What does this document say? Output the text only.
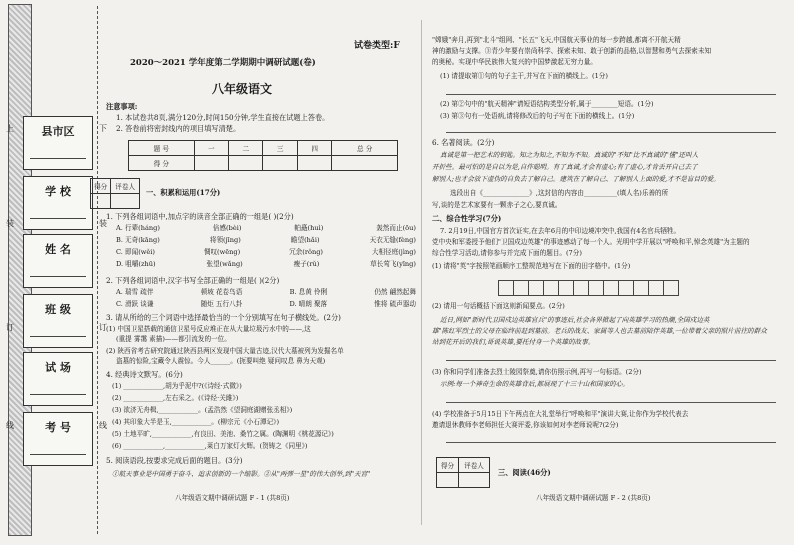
上	下
装	装
订	订
线	线
县市区
学 校
姓 名
班 级
试 场
考 号
试卷类型:F
2020～2021 学年度第二学期期中调研试题(卷)
八年级语文
注意事项:
1. 本试卷共8页,满分120分,时间150分钟,学生直接在试题上答卷。
2. 答卷前将密封线内的项目填写清楚。
题 号	一	二	三	四	总 分
得 分					
得分	评卷人

一、积累和运用(17分)
1. 下列各组词语中,加点字的读音全部正确的一组是( )(2分)
A. 行辈(háng)	倍感(bèi)	帕矗(huì)	轰然而止(ōu)
B. 无奇(kāng)	将领(jīng)	瞻望(hǎi)	天衣无缝(fèng)
C. 即闻(wěi)	惆叹(wēng)	冗余(rǒng)	大相径庭(jìng)
D. 咀嚼(zhū)	张望(wǎng)	瘦子(rǔ)	草长莺飞(yīng)
2. 下列各组词语中,汉字书写全部正确的一组是( )(2分)
A. 瑞雪 疏伴	顿坡 花卷鸟语	B. 息黄 伶俐	仍然 翩然起舞
C. 滑跃 谈谦	随炬 五行八卦	D. 晴朗 聚落	惟将 硫声器动
3. 请从所给的三个词语中选择最恰当的一个分别填写在句子横线处。(2分)
(1) 中国卫星搭载的通信卫星号反应堆正在从大量垃圾污水中的——,这
(重提 雾霭 素描)——都引流发的一位。
(2) 陕西省考古研究院通过陕西县两区发现中国大量古迹,汉代大墓被列为发掘名单
盗墓的惊险,宝藏令人震惊。今人______。(扼要叫绝 疑问叹息 鼻为天观)
4. 经典诗文默写。(6分)
(1) ____________,胡为乎泥中?(《诗经·式微》)
(2) ____________,左右采之。(《诗经·关雎》)
(3) 欲济无舟楫,____________。(孟浩然《望洞庭湖赠张丞相》)
(4) 其印象大半是玉,____________。(柳宗元《小石潭记》)
(5) 土地平旷,____________,有良田、美池、桑竹之属。(陶渊明《桃花源记》)
(6) ____________,____________,莱白万家灯火辉。(贺铸之《同里》)
5. 阅读语段,按要求完成后面的题目。(3分)
①航天事业是中国勇于奋斗、追求创新的一个缩影。②从"两弹一星"的伟大创举,到"天宫"
八年级语文期中调研试题 F - 1 (共8页)
"嫦娥"奔月,再到"北斗"组网、"长五"飞天,中国航天事业的每一步跨越,都离不开航天精
神的激励与支撑。③青少年要有崇尚科学、探索未知、敢于创新的品格,以智慧和勇气去探索未知
的奥秘。实现中华民族伟大复兴的中国梦激起无穷力量。
(1) 请提取第①句的句子主干,并写在下面的横线上。(1分)
(2) 第②句中的"航天精神"请短语结构类型分析,属于________短语。(1分)
(3) 第③句有一处语病,请将修改后的句子写在下面的横线上。(1分)
6. 名著阅读。(2分)
真诚是第一把艺术的钥匙。知之为知之,不知为不知。真诚的"不知"比不真诚的"懂"还叫人
开折些。最可怕的是自以为是,自作聪明。有了真诚,才会有虚心;有了虚心,才肯丢开自己去了
解别人;也才会放下虚伪的自负去了解自己。建筑在了解自己、了解别人上面的爱,才不是盲目的爱。
选段出自《______________》,这封信的内容由__________(填人名)乐善的所
写,谈的是艺术家要有一颗赤子之心,要真诚。
二、综合性学习(7分)
7. 2月19日,中国官方首次证实,在去年6月的中印边境冲突中,我国有4名官兵牺牲。
党中央和军委授予他们"卫国戍边英雄"的事迹感动了每一个人。光明中学开展以"呼唤和平,悼念英雄"为主题的
综合性学习活动,请你参与并完成下面的题目。(7分)
(1) 请将"英"字按照笔画顺序工整规范地写在下面的田字格中。(1分)
(2) 请用一句话概括下面这则新闻要点。(2分)
近日,网如"新时代卫国戍边英雄官兵"的事迹后,社会各界掀起了向英雄学习的热潮,全国戍边英
雄"陈红军烈士的父母在临终前赶到墓前。老兵的战友、家属等人也去墓前陪伴英雄,一位带着父亲的照片前往的群众
站到花开后的我们,哥说英雄,要托付身一个英雄的故事。
(3) 你和同学们准备去烈士陵园祭奠,请你仿照示例,再写一句标语。(2分)
示例:每一个神奇生命的英雄背后,都展现了十三十山和国家的心。
(4) 学校准备于5月15日下午两点在大礼堂举行"呼唤和平"演讲大赛,让你作为学校代表去
邀请退休教师李老师担任大赛评委,你该如何对李老师说呢?(2分)
得分	评卷人

三、阅读(46分)
八年级语文期中调研试题 F - 2 (共8页)
